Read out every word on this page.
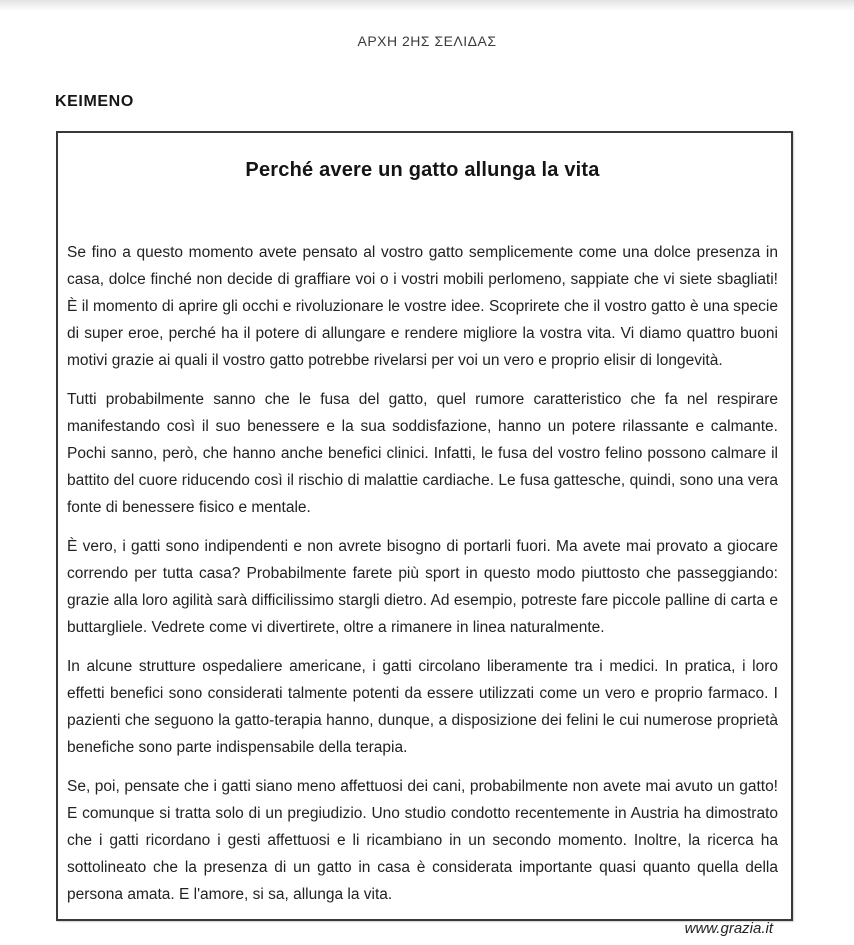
ΑΡΧΗ 2ΗΣ ΣΕΛΙΔΑΣ
ΚΕΙΜΕΝΟ
Perché avere un gatto allunga la vita

Se fino a questo momento avete pensato al vostro gatto semplicemente come una dolce presenza in casa, dolce finché non decide di graffiare voi o i vostri mobili perlomeno, sappiate che vi siete sbagliati! È il momento di aprire gli occhi e rivoluzionare le vostre idee. Scoprirete che il vostro gatto è una specie di super eroe, perché ha il potere di allungare e rendere migliore la vostra vita. Vi diamo quattro buoni motivi grazie ai quali il vostro gatto potrebbe rivelarsi per voi un vero e proprio elisir di longevità.

Tutti probabilmente sanno che le fusa del gatto, quel rumore caratteristico che fa nel respirare manifestando così il suo benessere e la sua soddisfazione, hanno un potere rilassante e calmante. Pochi sanno, però, che hanno anche benefici clinici. Infatti, le fusa del vostro felino possono calmare il battito del cuore riducendo così il rischio di malattie cardiache. Le fusa gattesche, quindi, sono una vera fonte di benessere fisico e mentale.

È vero, i gatti sono indipendenti e non avrete bisogno di portarli fuori. Ma avete mai provato a giocare correndo per tutta casa? Probabilmente farete più sport in questo modo piuttosto che passeggiando: grazie alla loro agilità sarà difficilissimo stargli dietro. Ad esempio, potreste fare piccole palline di carta e buttargliele. Vedrete come vi divertirete, oltre a rimanere in linea naturalmente.

In alcune strutture ospedaliere americane, i gatti circolano liberamente tra i medici. In pratica, i loro effetti benefici sono considerati talmente potenti da essere utilizzati come un vero e proprio farmaco. I pazienti che seguono la gatto-terapia hanno, dunque, a disposizione dei felini le cui numerose proprietà benefiche sono parte indispensabile della terapia.

Se, poi, pensate che i gatti siano meno affettuosi dei cani, probabilmente non avete mai avuto un gatto! E comunque si tratta solo di un pregiudizio. Uno studio condotto recentemente in Austria ha dimostrato che i gatti ricordano i gesti affettuosi e li ricambiano in un secondo momento. Inoltre, la ricerca ha sottolineato che la presenza di un gatto in casa è considerata importante quasi quanto quella della persona amata. E l'amore, si sa, allunga la vita.

www.grazia.it
